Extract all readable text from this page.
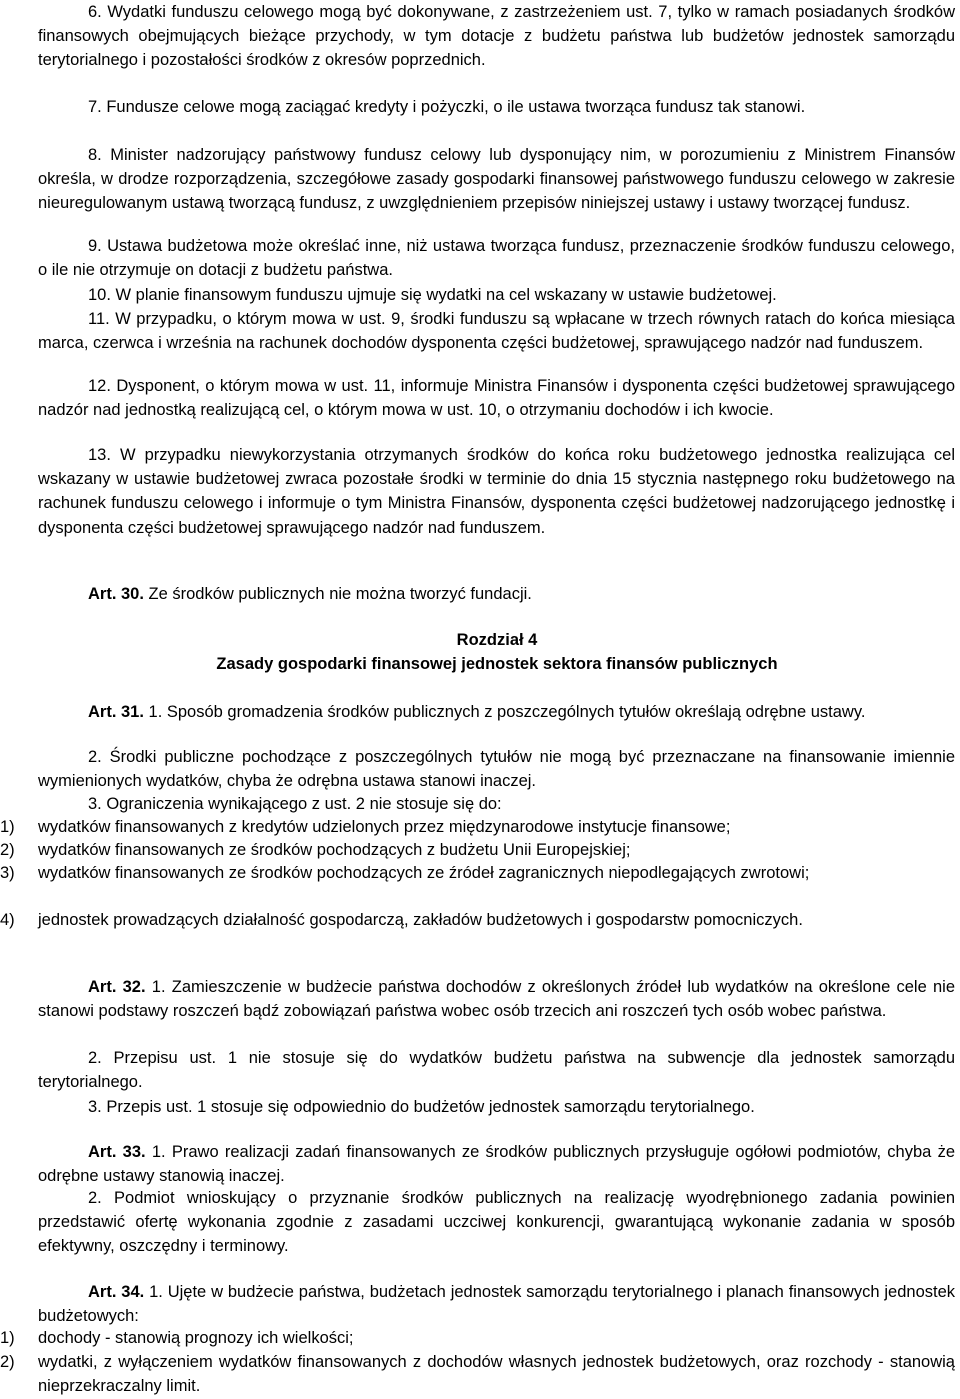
6. Wydatki funduszu celowego mogą być dokonywane, z zastrzeżeniem ust. 7, tylko w ramach posiadanych środków finansowych obejmujących bieżące przychody, w tym dotacje z budżetu państwa lub budżetów jednostek samorządu terytorialnego i pozostałości środków z okresów poprzednich.

7. Fundusze celowe mogą zaciągać kredyty i pożyczki, o ile ustawa tworząca fundusz tak stanowi.

8. Minister nadzorujący państwowy fundusz celowy lub dysponujący nim, w porozumieniu z Ministrem Finansów określa, w drodze rozporządzenia, szczegółowe zasady gospodarki finansowej państwowego funduszu celowego w zakresie nieuregulowanym ustawą tworzącą fundusz, z uwzględnieniem przepisów niniejszej ustawy i ustawy tworzącej fundusz.

9. Ustawa budżetowa może określać inne, niż ustawa tworząca fundusz, przeznaczenie środków funduszu celowego, o ile nie otrzymuje on dotacji z budżetu państwa.

10. W planie finansowym funduszu ujmuje się wydatki na cel wskazany w ustawie budżetowej.

11. W przypadku, o którym mowa w ust. 9, środki funduszu są wpłacane w trzech równych ratach do końca miesiąca marca, czerwca i września na rachunek dochodów dysponenta części budżetowej, sprawującego nadzór nad funduszem.

12. Dysponent, o którym mowa w ust. 11, informuje Ministra Finansów i dysponenta części budżetowej sprawującego nadzór nad jednostką realizującą cel, o którym mowa w ust. 10, o otrzymaniu dochodów i ich kwocie.

13. W przypadku niewykorzystania otrzymanych środków do końca roku budżetowego jednostka realizująca cel wskazany w ustawie budżetowej zwraca pozostałe środki w terminie do dnia 15 stycznia następnego roku budżetowego na rachunek funduszu celowego i informuje o tym Ministra Finansów, dysponenta części budżetowej nadzorującego jednostkę i dysponenta części budżetowej sprawującego nadzór nad funduszem.

Art. 30. Ze środków publicznych nie można tworzyć fundacji.

Rozdział 4

Zasady gospodarki finansowej jednostek sektora finansów publicznych

Art. 31. 1. Sposób gromadzenia środków publicznych z poszczególnych tytułów określają odrębne ustawy.

2. Środki publiczne pochodzące z poszczególnych tytułów nie mogą być przeznaczane na finansowanie imiennie wymienionych wydatków, chyba że odrębna ustawa stanowi inaczej.

3. Ograniczenia wynikającego z ust. 2 nie stosuje się do:

1) wydatków finansowanych z kredytów udzielonych przez międzynarodowe instytucje finansowe;
2) wydatków finansowanych ze środków pochodzących z budżetu Unii Europejskiej;
3) wydatków finansowanych ze środków pochodzących ze źródeł zagranicznych niepodlegających zwrotowi;
4) jednostek prowadzących działalność gospodarczą, zakładów budżetowych i gospodarstw pomocniczych.

Art. 32. 1. Zamieszczenie w budżecie państwa dochodów z określonych źródeł lub wydatków na określone cele nie stanowi podstawy roszczeń bądź zobowiązań państwa wobec osób trzecich ani roszczeń tych osób wobec państwa.

2. Przepisu ust. 1 nie stosuje się do wydatków budżetu państwa na subwencje dla jednostek samorządu terytorialnego.

3. Przepis ust. 1 stosuje się odpowiednio do budżetów jednostek samorządu terytorialnego.

Art. 33. 1. Prawo realizacji zadań finansowanych ze środków publicznych przysługuje ogółowi podmiotów, chyba że odrębne ustawy stanowią inaczej.

2. Podmiot wnioskujący o przyznanie środków publicznych na realizację wyodrębnionego zadania powinien przedstawić ofertę wykonania zgodnie z zasadami uczciwej konkurencji, gwarantującą wykonanie zadania w sposób efektywny, oszczędny i terminowy.

Art. 34. 1. Ujęte w budżecie państwa, budżetach jednostek samorządu terytorialnego i planach finansowych jednostek budżetowych:

1) dochody - stanowią prognozy ich wielkości;
2) wydatki, z wyłączeniem wydatków finansowanych z dochodów własnych jednostek budżetowych, oraz rozchody - stanowią nieprzekraczalny limit.
